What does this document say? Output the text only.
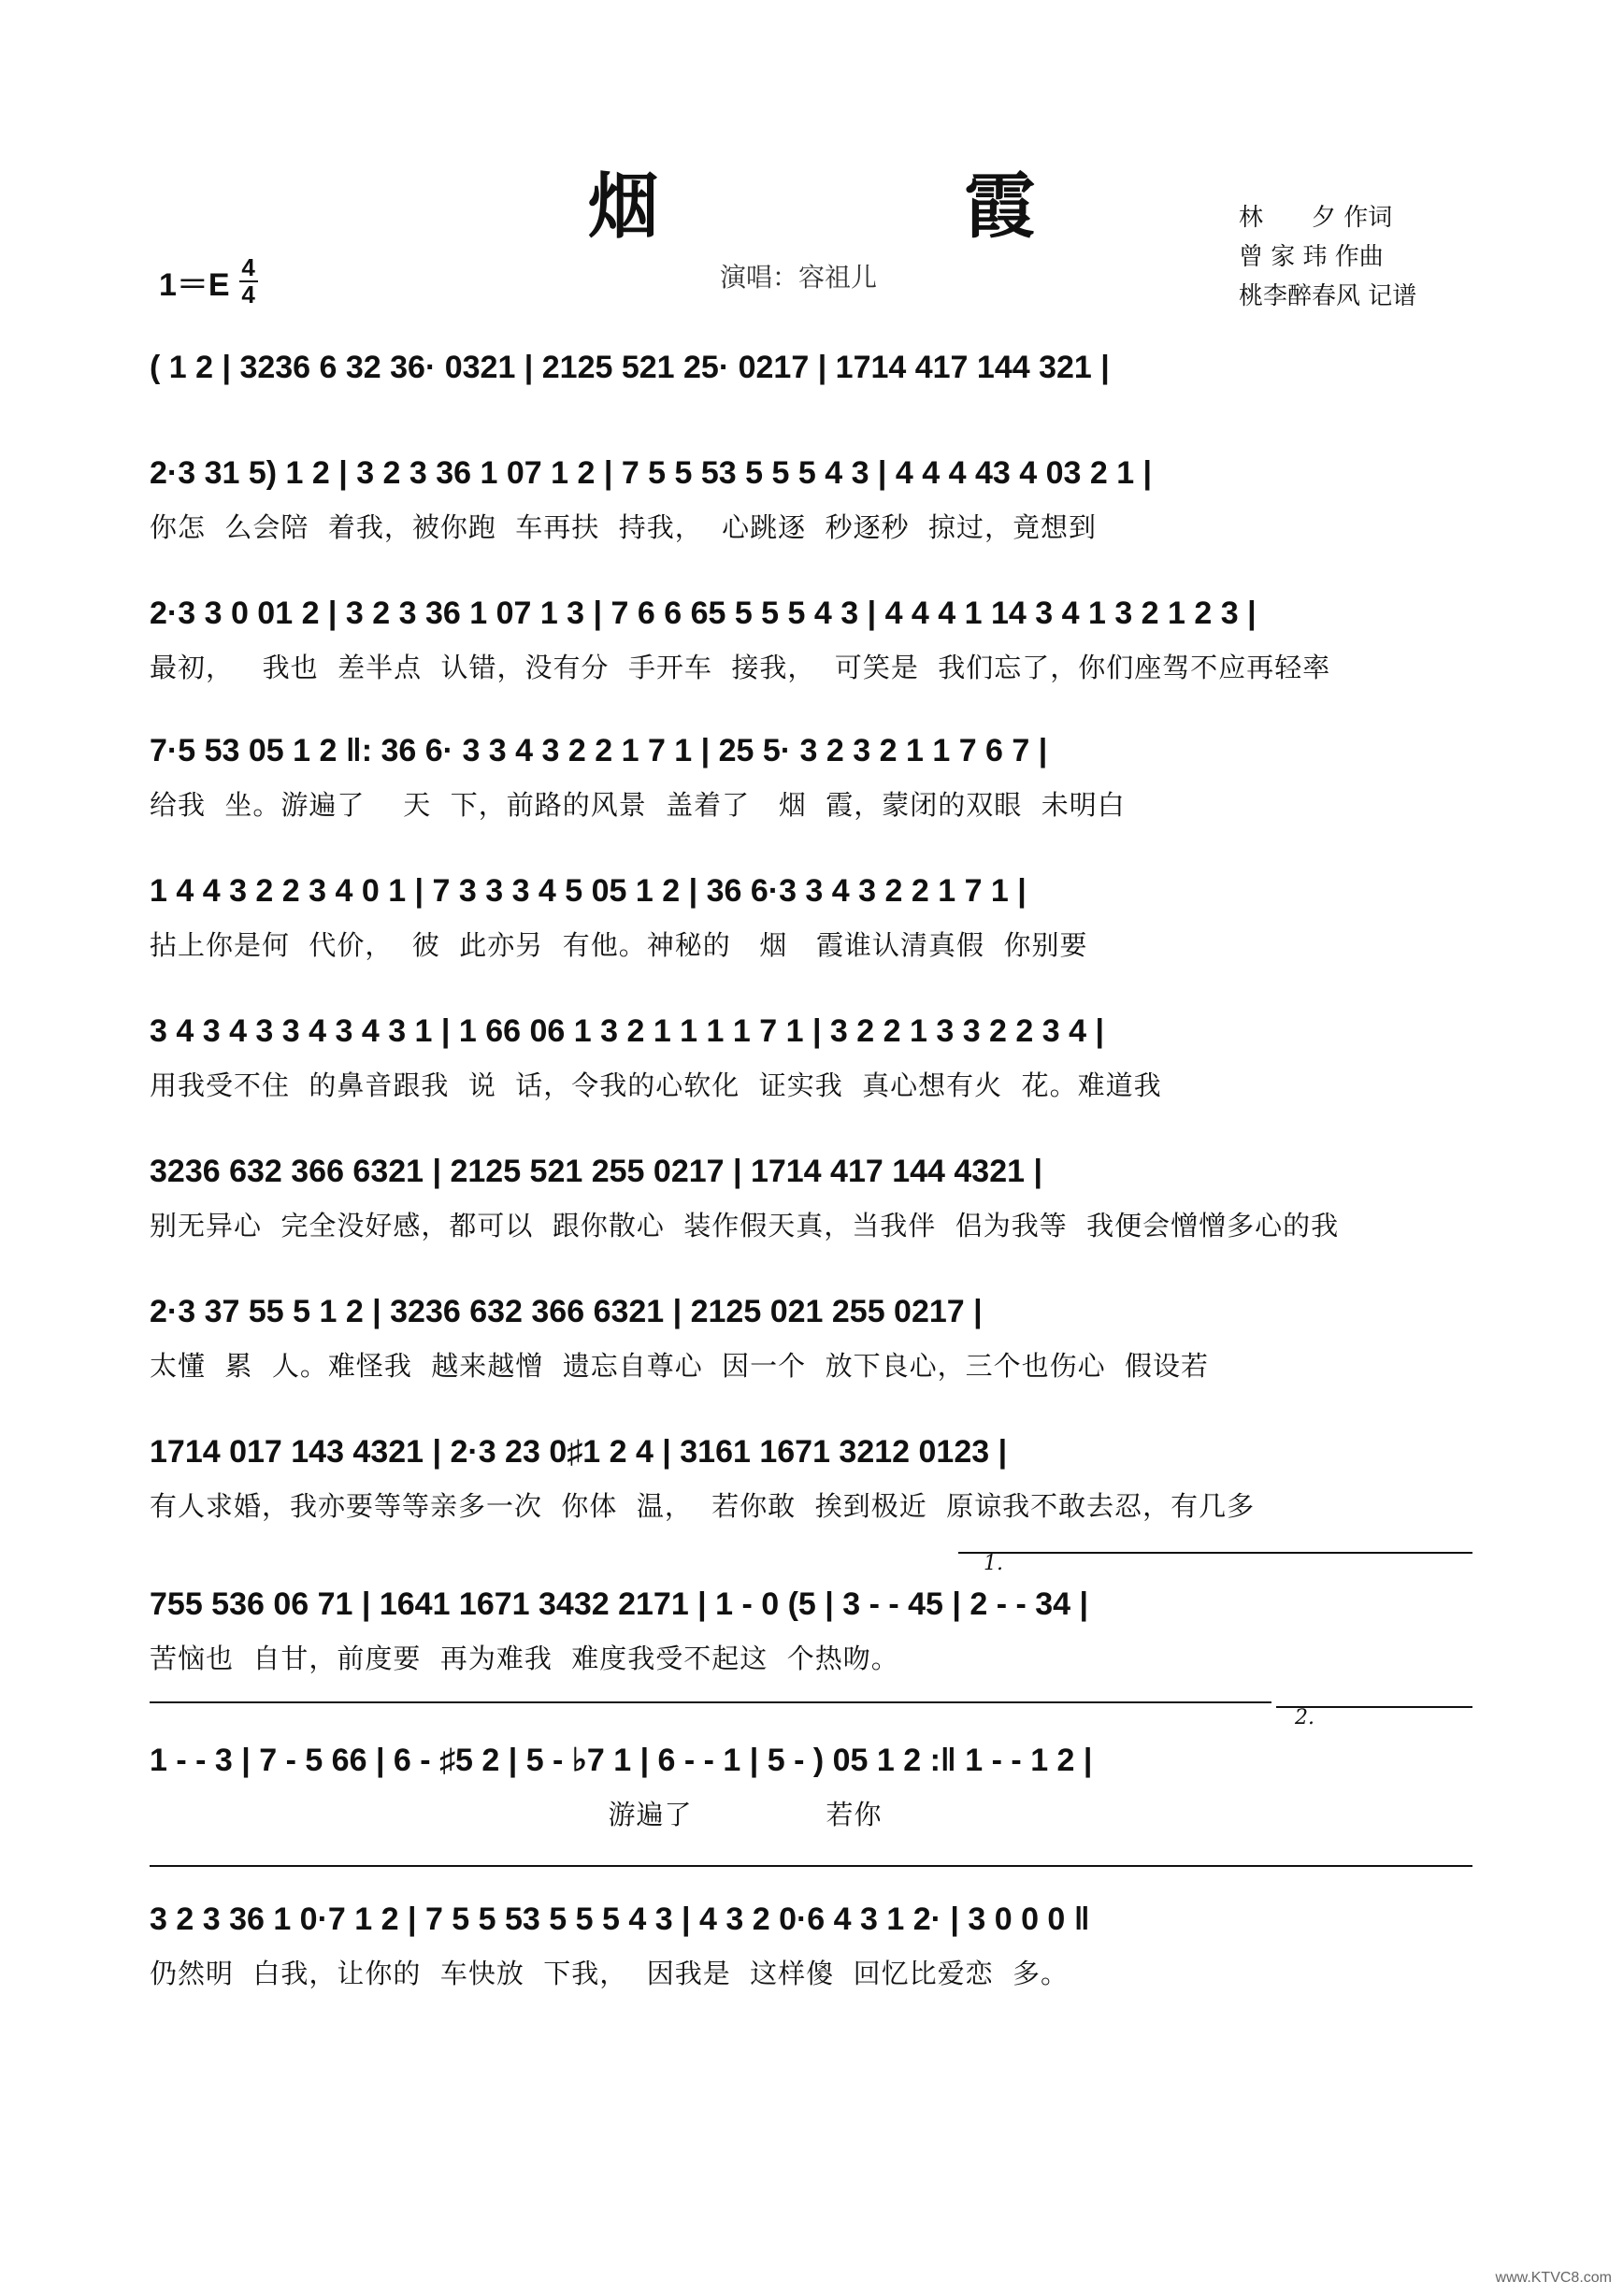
烟 霞
1＝E 4
4
演唱：容祖儿
林　　夕 作词
曾 家 玮 作曲
桃李醉春风 记谱
( 1 2 | 3236 6 32 36· 0321 | 2125 521 25· 0217 | 1714 417 144 321 |
2·3 31 5) 1 2 | 3 2 3 36 1 07 1 2 | 7 5 5 53 5 5 5 4 3 | 4 4 4 43 4 03 2 1 |
你怎  么会陪  着我，被你跑  车再扶  持我，  心跳逐  秒逐秒  掠过，竟想到
2·3 3 0 01 2 | 3 2 3 36 1 07 1 3 | 7 6 6 65 5 5 5 4 3 | 4 4 4 1 14 3 4 1 3 2 1 2 3 |
最初，   我也  差半点  认错，没有分  手开车  接我，  可笑是  我们忘了，你们座驾不应再轻率
7·5 53 05 1 2 ‖: 36 6· 3 3 4 3 2 2 1 7 1 | 25 5· 3 2 3 2 1 1 7 6 7 |
给我  坐。游遍了    天  下，前路的风景  盖着了   烟  霞，蒙闭的双眼  未明白
1 4 4 3 2 2 3 4 0 1 | 7 3 3 3 4 5 05 1 2 | 36 6·3 3 4 3 2 2 1 7 1 |
拈上你是何  代价，  彼  此亦另  有他。神秘的   烟   霞谁认清真假  你别要
3 4 3 4 3 3 4 3 4 3 1 | 1 66 06 1 3 2 1 1 1 1 7 1 | 3 2 2 1 3 3 2 2 3 4 |
用我受不住  的鼻音跟我  说  话，令我的心软化  证实我  真心想有火  花。难道我
3236 632 366 6321 | 2125 521 255 0217 | 1714 417 144 4321 |
别无异心  完全没好感，都可以  跟你散心  装作假天真，当我伴  侣为我等  我便会憎憎多心的我
2·3 37 55 5 1 2 | 3236 632 366 6321 | 2125 021 255 0217 |
太懂  累  人。难怪我  越来越憎  遗忘自尊心  因一个  放下良心，三个也伤心  假设若
1714 017 143 4321 | 2·3 23 0♯1 2 4 | 3161 1671 3212 0123 |
有人求婚，我亦要等等亲多一次  你体  温，  若你敢  挨到极近  原谅我不敢去忍，有几多
1.
755 536 06 71 | 1641 1671 3432 2171 | 1 - 0 (5 | 3 - - 45 | 2 - - 34 |
苦恼也  自甘，前度要  再为难我  难度我受不起这  个热吻。
2.
1 - - 3 | 7 - 5 66 | 6 - ♯5 2 | 5 - ♭7 1 | 6 - - 1 | 5 - ) 05 1 2 :‖ 1 - - 1 2 |
游遍了              若你
3 2 3 36 1 0·7 1 2 | 7 5 5 53 5 5 5 4 3 | 4 3 2 0·6 4 3 1 2· | 3 0 0 0 ‖
仍然明  白我，让你的  车快放  下我，  因我是  这样傻  回忆比爱恋  多。
www.KTVC8.com
